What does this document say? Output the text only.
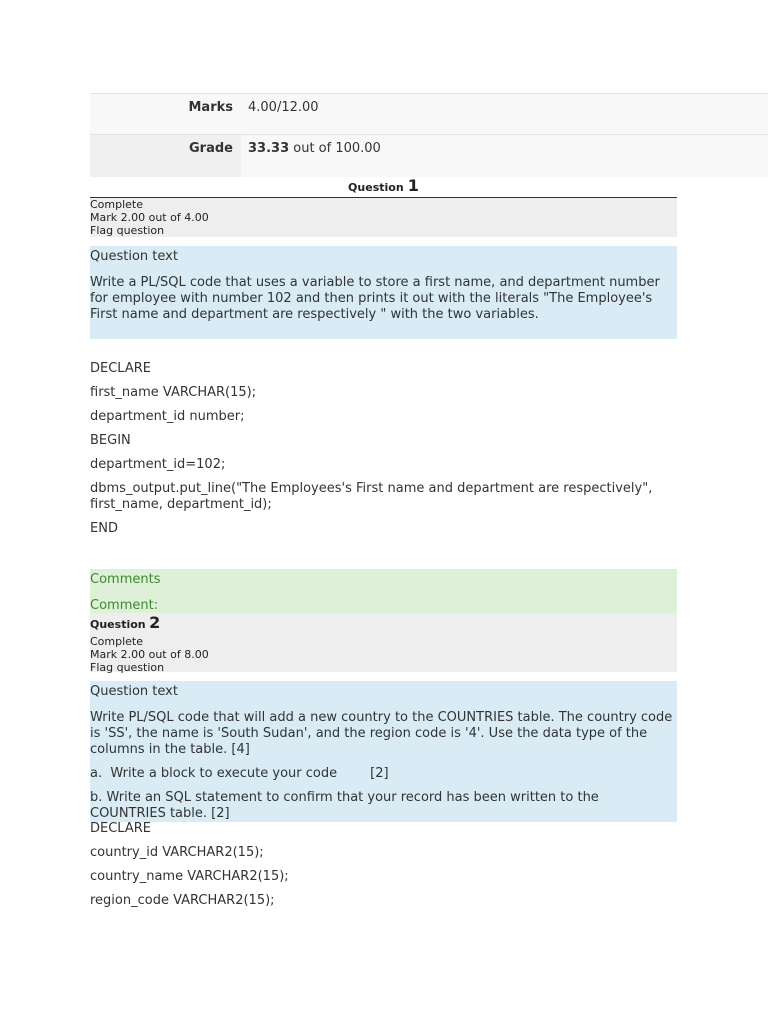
Marks	4.00/12.00
Grade	33.33 out of 100.00
Question 1
Complete
Mark 2.00 out of 4.00
Flag question
Question text

Write a PL/SQL code that uses a variable to store a first name, and department number for employee with number 102 and then prints it out with the literals "The Employee's First name and department are respectively " with the two variables.

DECLARE

first_name VARCHAR(15);

department_id number;

BEGIN

department_id=102;

dbms_output.put_line("The Employees's First name and department are respectively", first_name, department_id);

END

Comments
Comment:
Question 2
Complete
Mark 2.00 out of 8.00
Flag question
Question text

Write PL/SQL code that will add a new country to the COUNTRIES table. The country code is 'SS', the name is 'South Sudan', and the region code is '4'. Use the data type of the columns in the table. [4]

a.  Write a block to execute your code        [2]

b. Write an SQL statement to confirm that your record has been written to the COUNTRIES table. [2]

DECLARE

country_id VARCHAR2(15);

country_name VARCHAR2(15);

region_code VARCHAR2(15);
